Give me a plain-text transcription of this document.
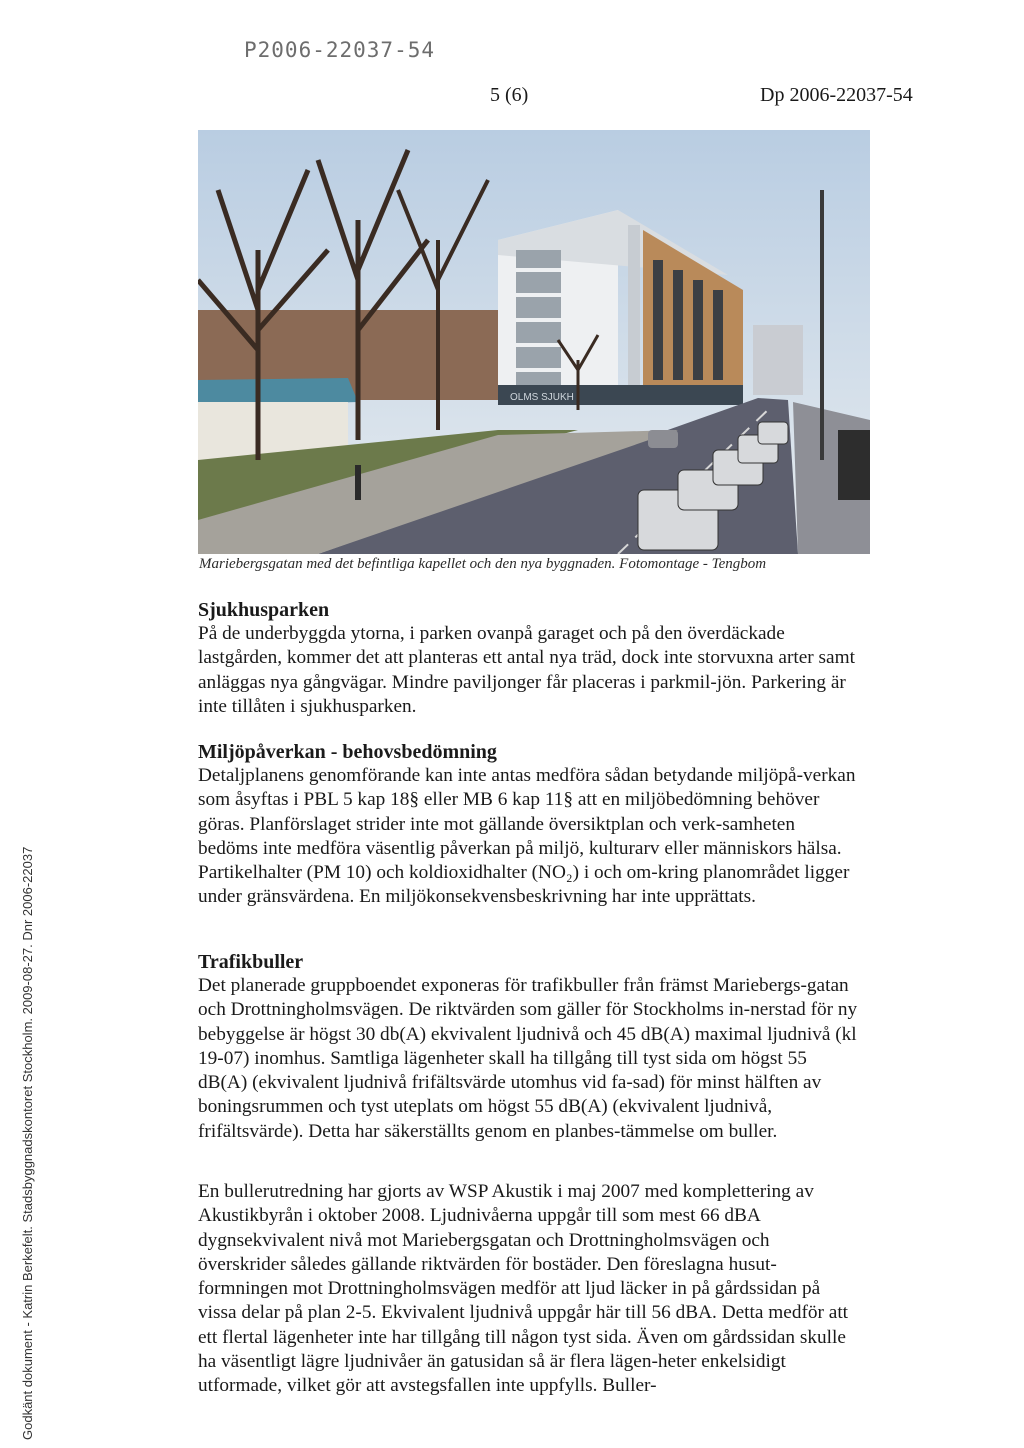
P2006-22037-54
5 (6)	Dp 2006-22037-54
OLMS SJUKH
Mariebergsgatan med det befintliga kapellet och den nya byggnaden. Fotomontage - Tengbom
Sjukhusparken

På de underbyggda ytorna, i parken ovanpå garaget och på den överdäckade lastgården, kommer det att planteras ett antal nya träd, dock inte storvuxna arter samt anläggas nya gångvägar. Mindre paviljonger får placeras i parkmil-jön. Parkering är inte tillåten i sjukhusparken.

Miljöpåverkan - behovsbedömning

Detaljplanens genomförande kan inte antas medföra sådan betydande miljöpå-verkan som åsyftas i PBL 5 kap 18§ eller MB 6 kap 11§ att en miljöbedömning behöver göras. Planförslaget strider inte mot gällande översiktplan och verk-samheten bedöms inte medföra väsentlig påverkan på miljö, kulturarv eller människors hälsa. Partikelhalter (PM 10) och koldioxidhalter (NO₂) i och om-kring planområdet ligger under gränsvärdena. En miljökonsekvensbeskrivning har inte upprättats.

Trafikbuller

Det planerade gruppboendet exponeras för trafikbuller från främst Mariebergs-gatan och Drottningholmsvägen. De riktvärden som gäller för Stockholms in-nerstad för ny bebyggelse är högst 30 db(A) ekvivalent ljudnivå och 45 dB(A) maximal ljudnivå (kl 19-07) inomhus. Samtliga lägenheter skall ha tillgång till tyst sida om högst 55 dB(A) (ekvivalent ljudnivå frifältsvärde utomhus vid fa-sad) för minst hälften av boningsrummen och tyst uteplats om högst 55 dB(A) (ekvivalent ljudnivå, frifältsvärde). Detta har säkerställts genom en planbes-tämmelse om buller.

En bullerutredning har gjorts av WSP Akustik i maj 2007 med komplettering av Akustikbyrån i oktober 2008. Ljudnivåerna uppgår till som mest 66 dBA dygnsekvivalent nivå mot Mariebergsgatan och Drottningholmsvägen och överskrider således gällande riktvärden för bostäder. Den föreslagna husut-formningen mot Drottningholmsvägen medför att ljud läcker in på gårdssidan på vissa delar på plan 2-5. Ekvivalent ljudnivå uppgår här till 56 dBA. Detta medför att ett flertal lägenheter inte har tillgång till någon tyst sida. Även om gårdssidan skulle ha väsentligt lägre ljudnivåer än gatusidan så är flera lägen-heter enkelsidigt utformade, vilket gör att avstegsfallen inte uppfylls. Buller-

Godkänt dokument - Katrin Berkefelt. Stadsbyggnadskontoret Stockholm. 2009-08-27. Dnr 2006-22037
